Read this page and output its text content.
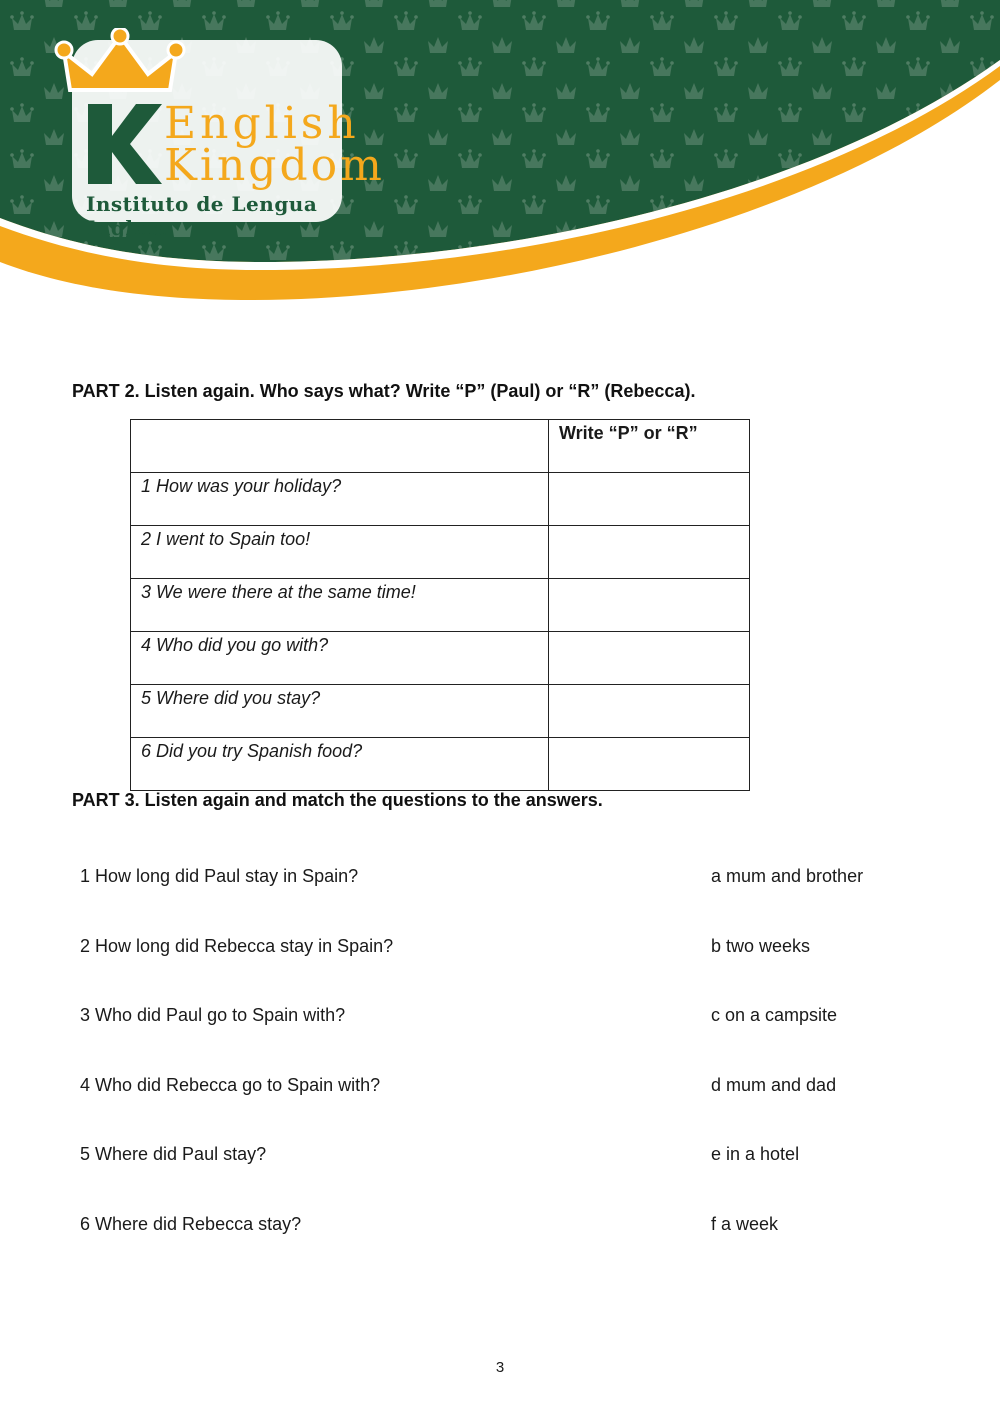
English
Kingdom
Instituto de Lengua Inglesa
PART 2. Listen again. Who says what? Write “P” (Paul) or “R” (Rebecca).
	Write “P” or “R”
1 How was your holiday?	
2 I went to Spain too!	
3 We were there at the same time!	
4 Who did you go with?	
5 Where did you stay?	
6 Did you try Spanish food?	
PART 3. Listen again and match the questions to the answers.
1 How long did Paul stay in Spain?	a mum and brother
2 How long did Rebecca stay in Spain?	b two weeks
3 Who did Paul go to Spain with?	c on a campsite
4 Who did Rebecca go to Spain with?	d mum and dad
5 Where did Paul stay?	e in a hotel
6 Where did Rebecca stay?	f a week
3
